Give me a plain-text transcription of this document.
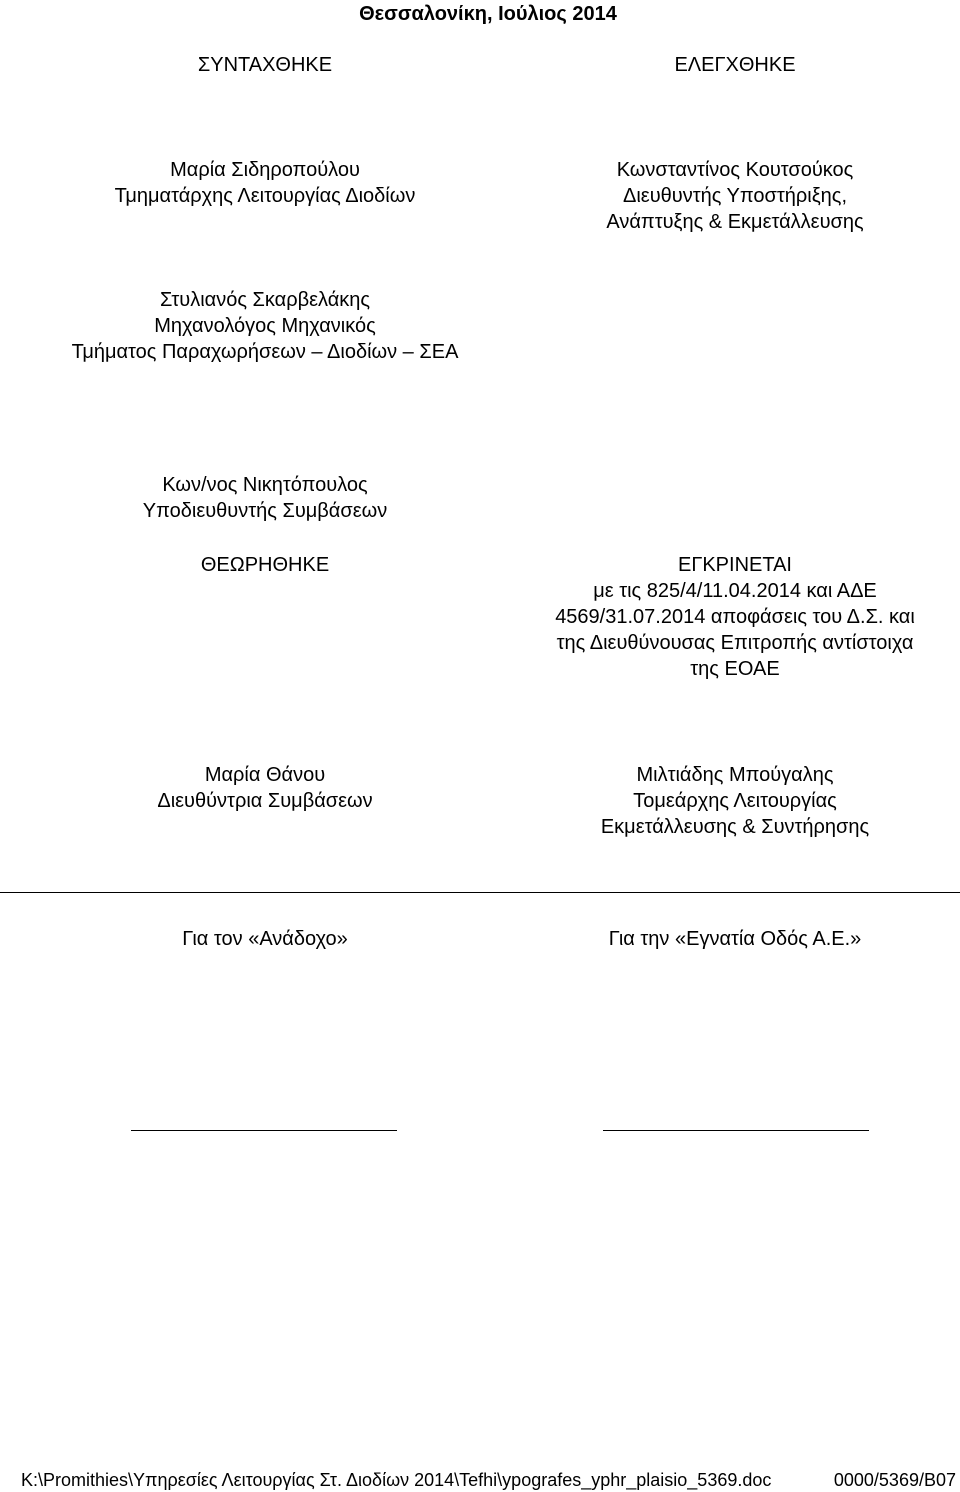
Θεσσαλονίκη, Ιούλιος 2014
ΣΥΝΤΑΧΘΗΚΕ	ΕΛΕΓΧΘΗΚΕ
Μαρία Σιδηροπούλου
Τμηματάρχης Λειτουργίας Διοδίων
Κωνσταντίνος Κουτσούκος
Διευθυντής Υποστήριξης,
Ανάπτυξης & Εκμετάλλευσης
Στυλιανός Σκαρβελάκης
Μηχανολόγος Μηχανικός
Τμήματος Παραχωρήσεων – Διοδίων – ΣΕΑ
Κων/νος Νικητόπουλος
Υποδιευθυντής Συμβάσεων
ΘΕΩΡΗΘΗΚΕ	ΕΓΚΡΙΝΕΤΑΙ
με τις 825/4/11.04.2014 και ΑΔΕ
4569/31.07.2014 αποφάσεις του Δ.Σ. και
της Διευθύνουσας Επιτροπής αντίστοιχα
της ΕΟΑΕ
Μαρία Θάνου
Διευθύντρια Συμβάσεων
Μιλτιάδης Μπούγαλης
Τομεάρχης Λειτουργίας
Εκμετάλλευσης & Συντήρησης
Για τον «Ανάδοχο»	Για την «Εγνατία Οδός Α.Ε.»
K:\Promithies\Υπηρεσίες Λειτουργίας Στ. Διοδίων 2014\Tefhi\ypografes_yphr_plaisio_5369.doc	0000/5369/B07
